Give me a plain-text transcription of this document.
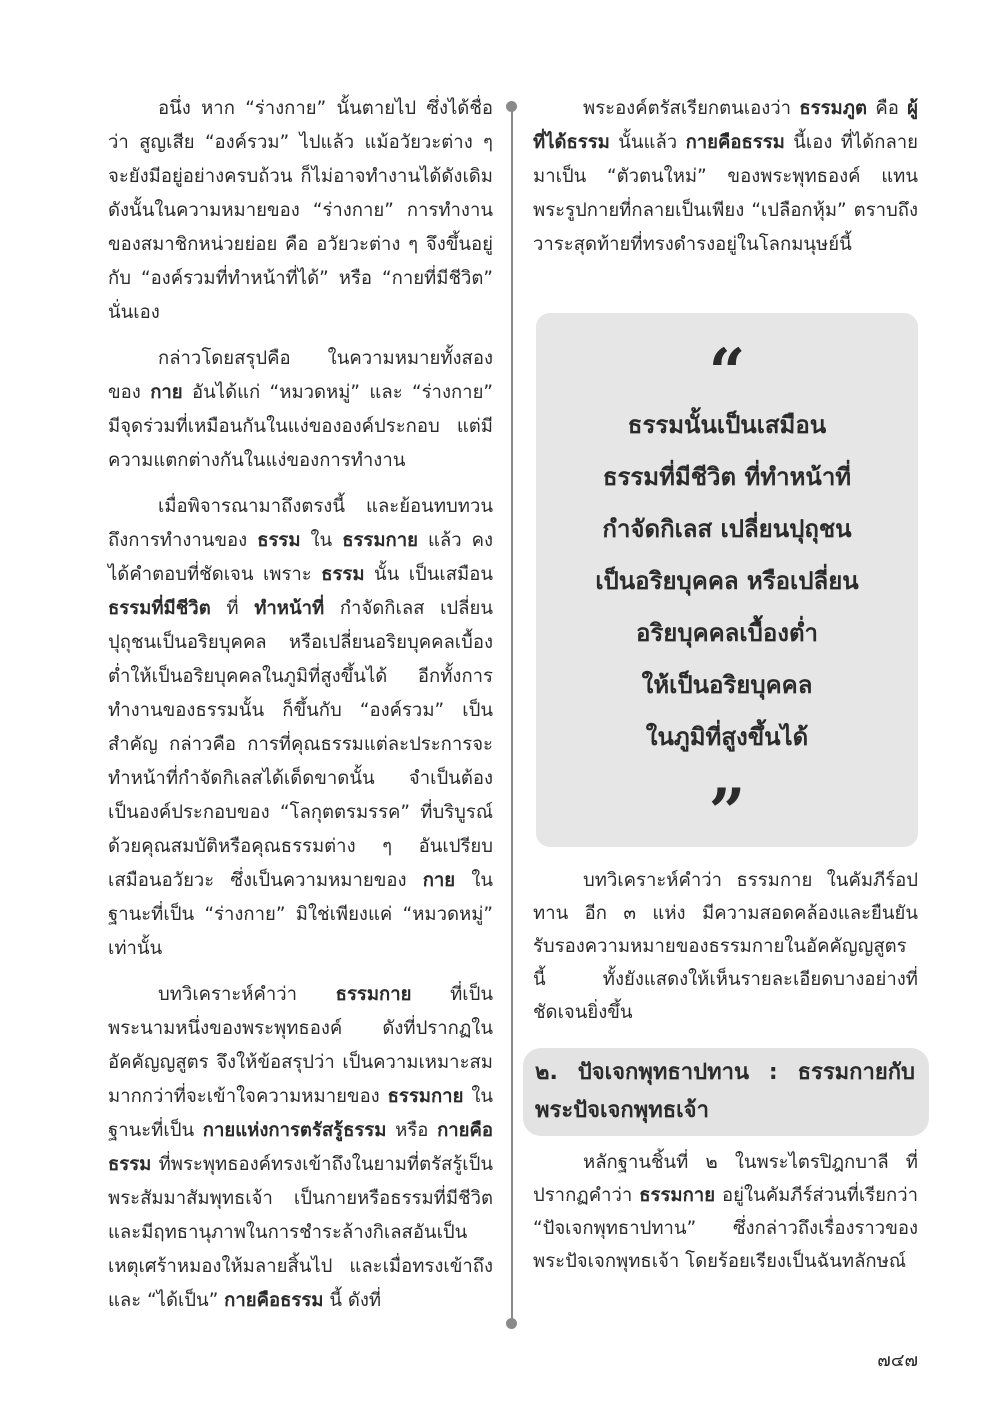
อนึ่ง หาก “ร่างกาย” นั้นตายไป ซึ่งได้ชื่อว่า สูญเสีย “องค์รวม” ไปแล้ว แม้อวัยวะต่าง ๆ จะยังมีอยู่อย่างครบถ้วน ก็ไม่อาจทำงานได้ดังเดิม ดังนั้นในความหมายของ “ร่างกาย” การทำงานของสมาชิกหน่วยย่อย คือ อวัยวะต่าง ๆ จึงขึ้นอยู่กับ “องค์รวมที่ทำหน้าที่ได้” หรือ “กายที่มีชีวิต” นั่นเอง

กล่าวโดยสรุปคือ ในความหมายทั้งสองของ กาย อันได้แก่ “หมวดหมู่” และ “ร่างกาย” มีจุดร่วมที่เหมือนกันในแง่ขององค์ประกอบ แต่มีความแตกต่างกันในแง่ของการทำงาน

เมื่อพิจารณามาถึงตรงนี้ และย้อนทบทวนถึงการทำงานของ ธรรม ใน ธรรมกาย แล้ว คงได้คำตอบที่ชัดเจน เพราะ ธรรม นั้น เป็นเสมือน ธรรมที่มีชีวิต ที่ ทำหน้าที่ กำจัดกิเลส เปลี่ยนปุถุชนเป็นอริยบุคคล หรือเปลี่ยนอริยบุคคลเบื้องต่ำให้เป็นอริยบุคคลในภูมิที่สูงขึ้นได้ อีกทั้งการทำงานของธรรมนั้น ก็ขึ้นกับ “องค์รวม” เป็นสำคัญ กล่าวคือ การที่คุณธรรมแต่ละประการจะทำหน้าที่กำจัดกิเลสได้เด็ดขาดนั้น จำเป็นต้องเป็นองค์ประกอบของ “โลกุตตรมรรค” ที่บริบูรณ์ด้วยคุณสมบัติหรือคุณธรรมต่าง ๆ อันเปรียบเสมือนอวัยวะ ซึ่งเป็นความหมายของ กาย ในฐานะที่เป็น “ร่างกาย” มิใช่เพียงแค่ “หมวดหมู่” เท่านั้น

บทวิเคราะห์คำว่า ธรรมกาย ที่เป็นพระนามหนึ่งของพระพุทธองค์ ดังที่ปรากฏในอัคคัญญสูตร จึงให้ข้อสรุปว่า เป็นความเหมาะสมมากกว่าที่จะเข้าใจความหมายของ ธรรมกาย ในฐานะที่เป็น กายแห่งการตรัสรู้ธรรม หรือ กายคือธรรม ที่พระพุทธองค์ทรงเข้าถึงในยามที่ตรัสรู้เป็นพระสัมมาสัมพุทธเจ้า เป็นกายหรือธรรมที่มีชีวิต และมีฤทธานุภาพในการชำระล้างกิเลสอันเป็นเหตุเศร้าหมองให้มลายสิ้นไป และเมื่อทรงเข้าถึงและ “ได้เป็น” กายคือธรรม นี้ ดังที่

พระองค์ตรัสเรียกตนเองว่า ธรรมภูต คือ ผู้ที่ได้ธรรม นั้นแล้ว กายคือธรรม นี้เอง ที่ได้กลายมาเป็น “ตัวตนใหม่” ของพระพุทธองค์ แทนพระรูปกายที่กลายเป็นเพียง “เปลือกหุ้ม” ตราบถึงวาระสุดท้ายที่ทรงดำรงอยู่ในโลกมนุษย์นี้

“
ธรรมนั้นเป็นเสมือน
ธรรมที่มีชีวิต ที่ทำหน้าที่
กำจัดกิเลส เปลี่ยนปุถุชน
เป็นอริยบุคคล หรือเปลี่ยน
อริยบุคคลเบื้องต่ำ
ให้เป็นอริยบุคคล
ในภูมิที่สูงขึ้นได้
”

บทวิเคราะห์คำว่า ธรรมกาย ในคัมภีร์อปทาน อีก ๓ แห่ง มีความสอดคล้องและยืนยันรับรองความหมายของธรรมกายในอัคคัญญสูตรนี้ ทั้งยังแสดงให้เห็นรายละเอียดบางอย่างที่ชัดเจนยิ่งขึ้น

๒. ปัจเจกพุทธาปทาน : ธรรมกายกับพระปัจเจกพุทธเจ้า

หลักฐานชิ้นที่ ๒ ในพระไตรปิฎกบาลี ที่ปรากฏคำว่า ธรรมกาย อยู่ในคัมภีร์ส่วนที่เรียกว่า “ปัจเจกพุทธาปทาน” ซึ่งกล่าวถึงเรื่องราวของพระปัจเจกพุทธเจ้า โดยร้อยเรียงเป็นฉันทลักษณ์

๗๔๗
